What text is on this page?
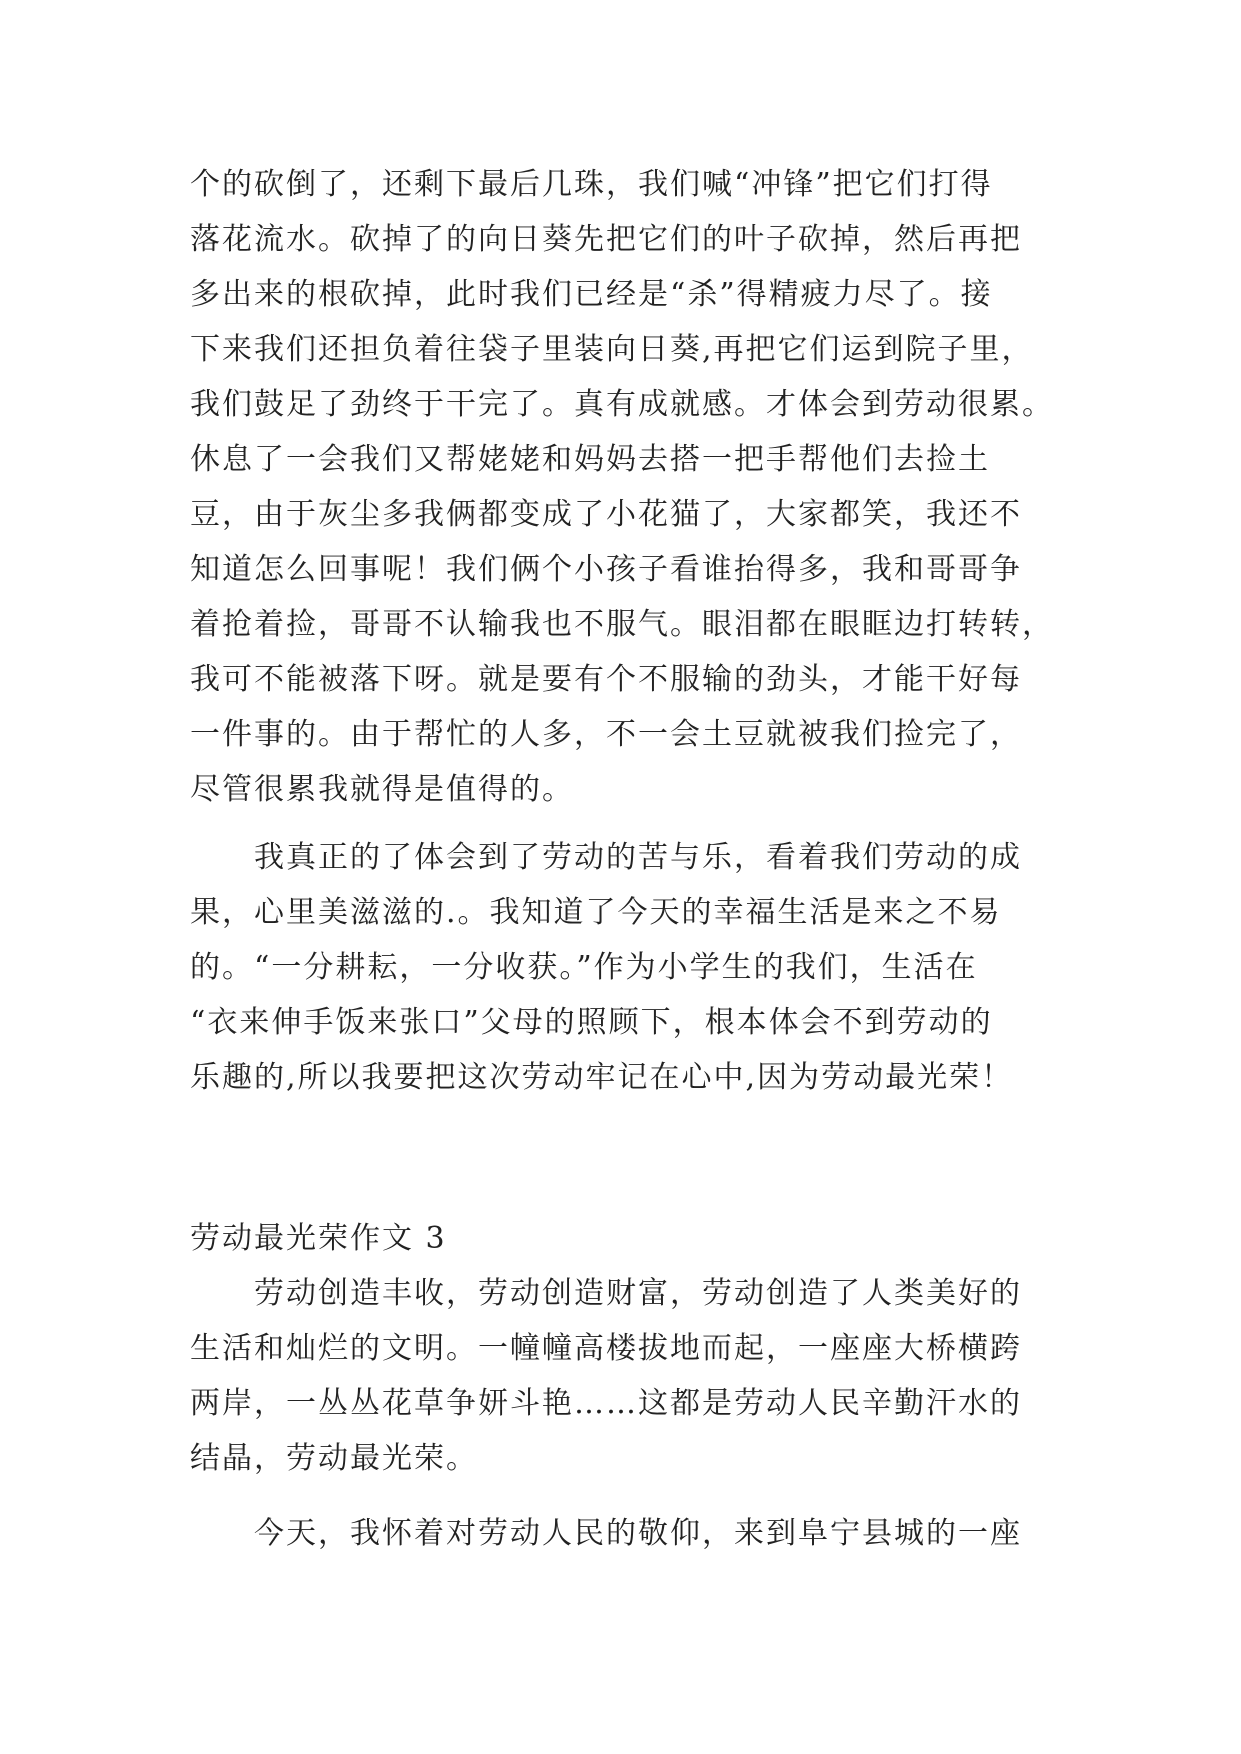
个的砍倒了，还剩下最后几珠，我们喊“冲锋”把它们打得
落花流水。砍掉了的向日葵先把它们的叶子砍掉，然后再把
多出来的根砍掉，此时我们已经是“杀”得精疲力尽了。接
下来我们还担负着往袋子里装向日葵,再把它们运到院子里，
我们鼓足了劲终于干完了。真有成就感。才体会到劳动很累。
休息了一会我们又帮姥姥和妈妈去搭一把手帮他们去捡土
豆，由于灰尘多我俩都变成了小花猫了，大家都笑，我还不
知道怎么回事呢！我们俩个小孩子看谁抬得多，我和哥哥争
着抢着捡，哥哥不认输我也不服气。眼泪都在眼眶边打转转，
我可不能被落下呀。就是要有个不服输的劲头，才能干好每
一件事的。由于帮忙的人多，不一会土豆就被我们捡完了，
尽管很累我就得是值得的。
我真正的了体会到了劳动的苦与乐，看着我们劳动的成
果，心里美滋滋的.。我知道了今天的幸福生活是来之不易
的。“一分耕耘，一分收获。”作为小学生的我们，生活在
“衣来伸手饭来张口”父母的照顾下，根本体会不到劳动的
乐趣的,所以我要把这次劳动牢记在心中,因为劳动最光荣！
劳动最光荣作文 3
劳动创造丰收，劳动创造财富，劳动创造了人类美好的
生活和灿烂的文明。一幢幢高楼拔地而起，一座座大桥横跨
两岸，一丛丛花草争妍斗艳……这都是劳动人民辛勤汗水的
结晶，劳动最光荣。
今天，我怀着对劳动人民的敬仰，来到阜宁县城的一座
